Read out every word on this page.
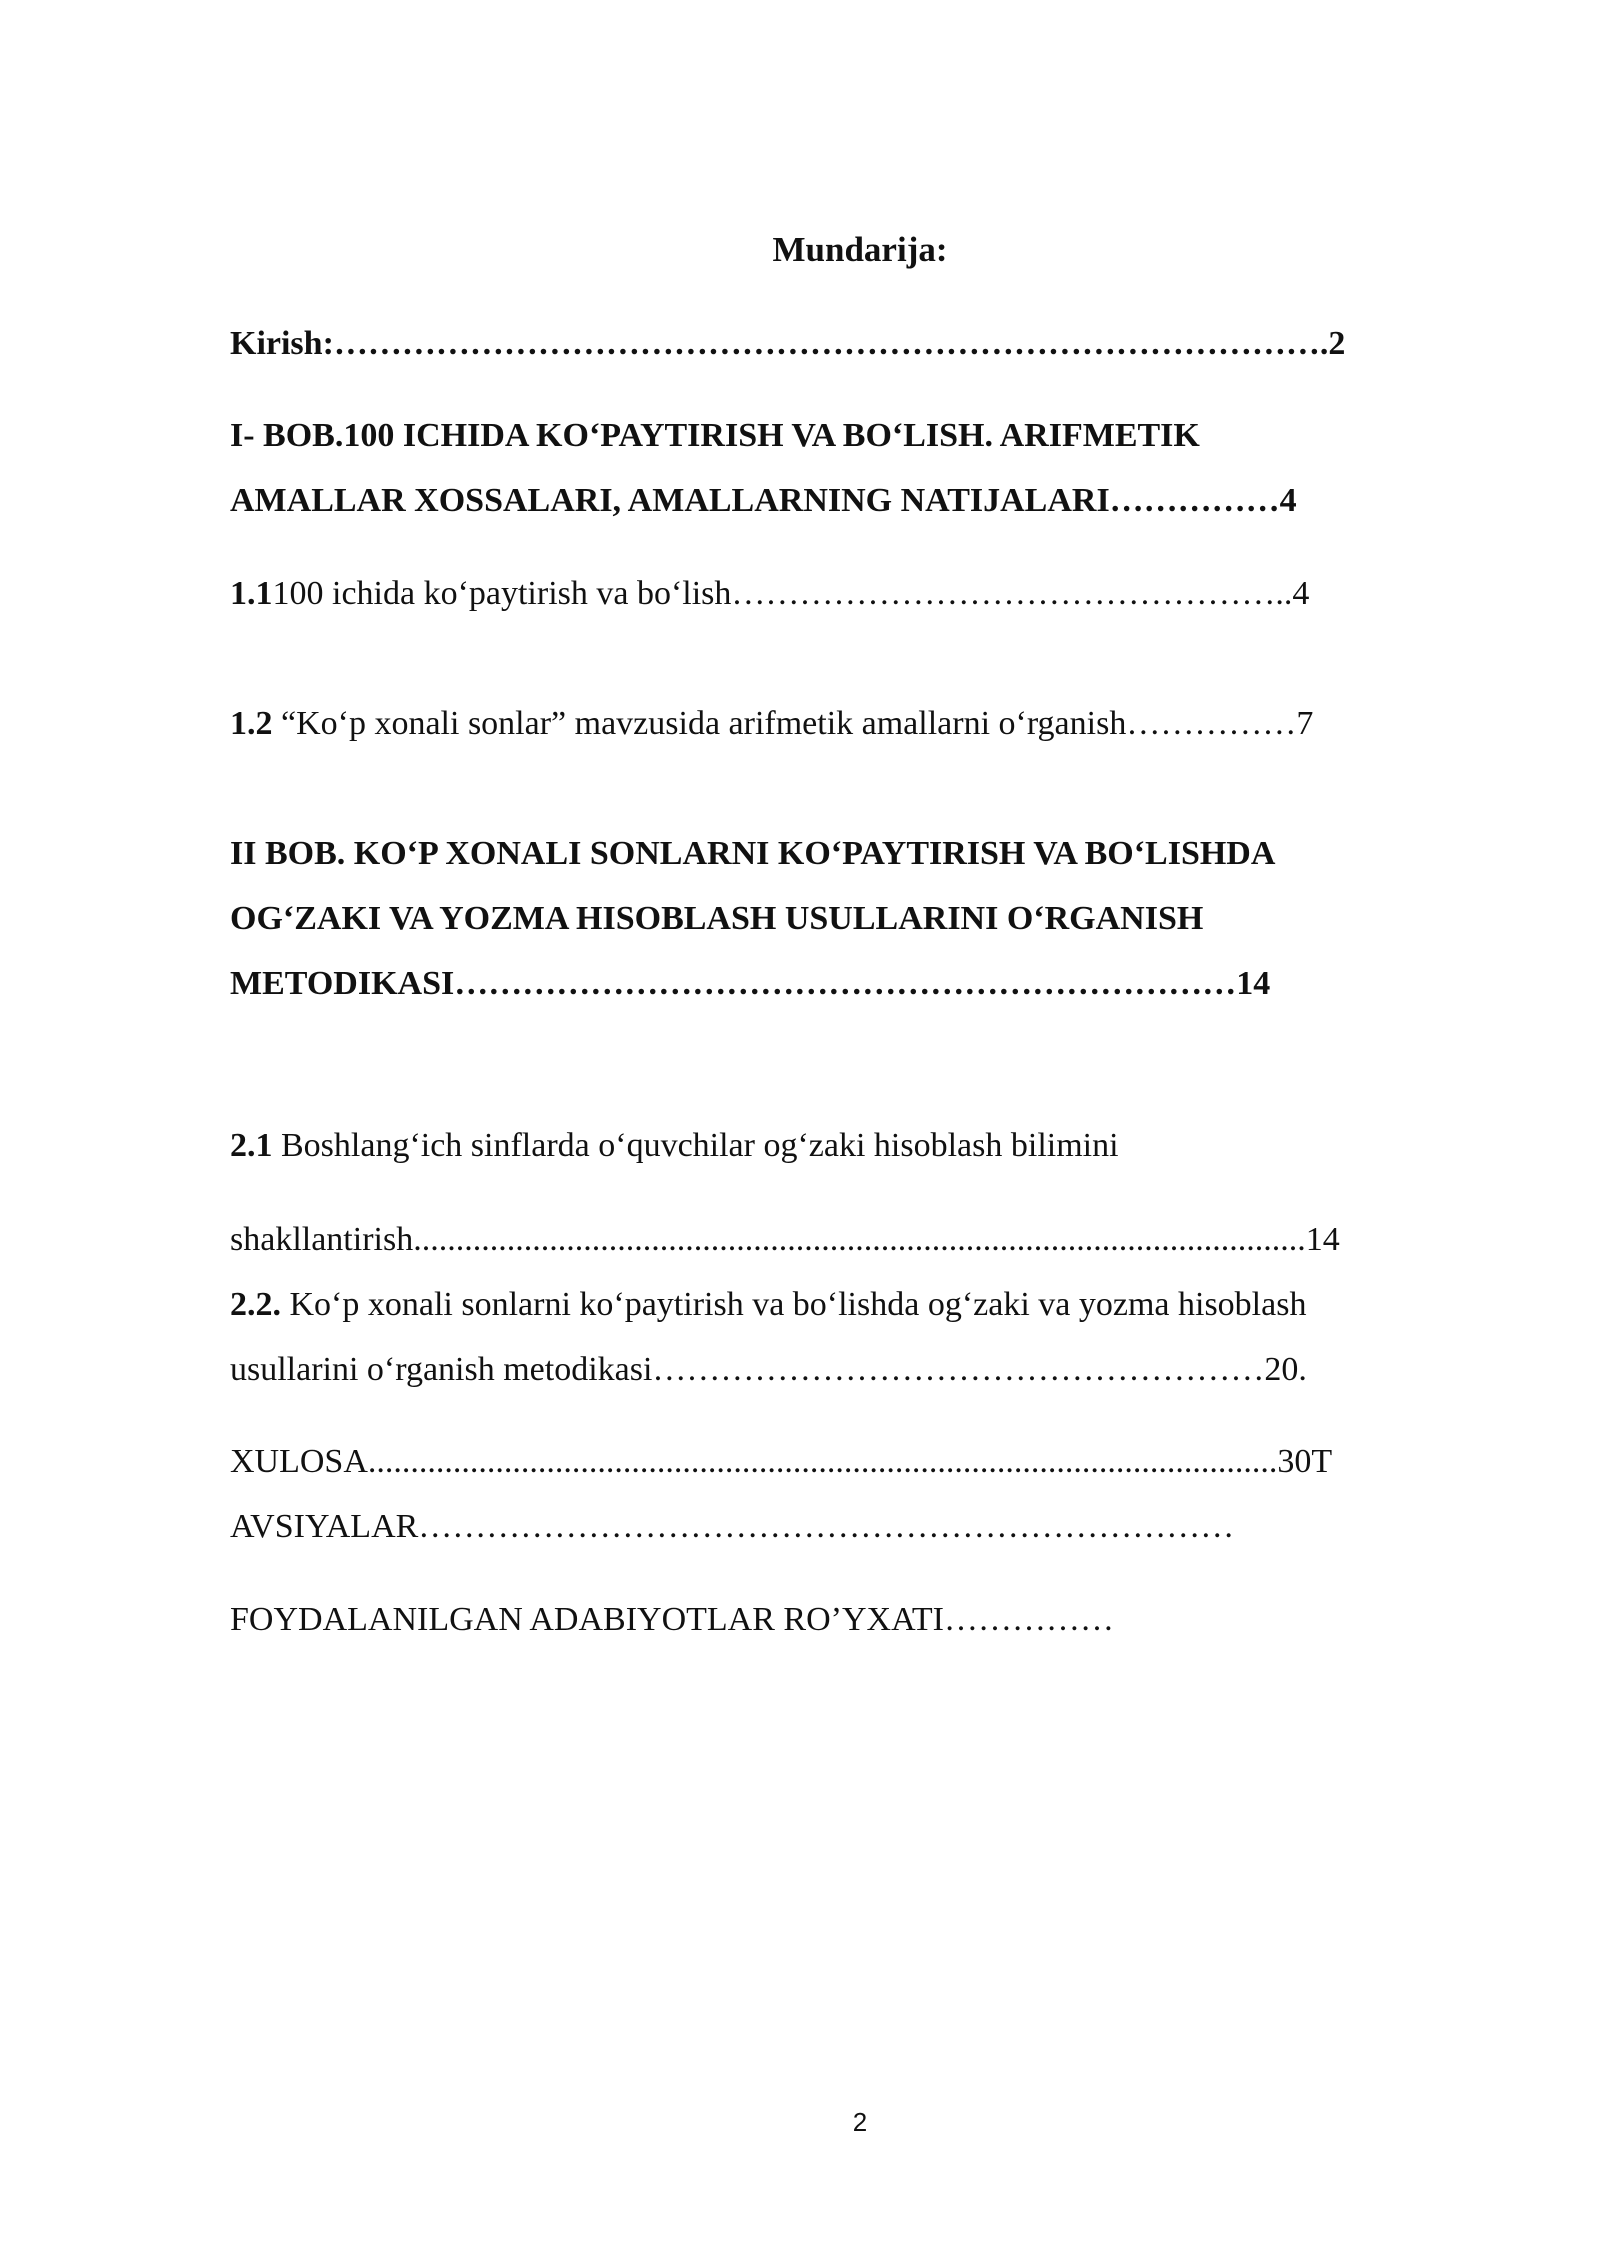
Mundarija:
Kirish:…………………………………………………………………………….2
I- BOB.100 ICHIDA KO‘PAYTIRISH VA BO‘LISH. ARIFMETIK
AMALLAR XOSSALARI, AMALLARNING NATIJALARI……………4
1.1100 ichida ko‘paytirish va bo‘lish…………………………………………..4
1.2 “Ko‘p xonali sonlar” mavzusida arifmetik amallarni o‘rganish……………7
II BOB. KO‘P XONALI SONLARNI KO‘PAYTIRISH VA BO‘LISHDA
OG‘ZAKI VA YOZMA HISOBLASH USULLARINI O‘RGANISH
METODIKASI……………………………………………………………14
2.1 Boshlang‘ich sinflarda o‘quvchilar og‘zaki hisoblash bilimini
shakllantirish.........................................................................................................14
2.2. Ko‘p xonali sonlarni ko‘paytirish va bo‘lishda og‘zaki va yozma hisoblash
usullarini o‘rganish metodikasi………………………………………………20.
XULOSA...........................................................................................................30T
AVSIYALAR………………………………………………………………
FOYDALANILGAN ADABIYOTLAR RO’YXATI……………
2
